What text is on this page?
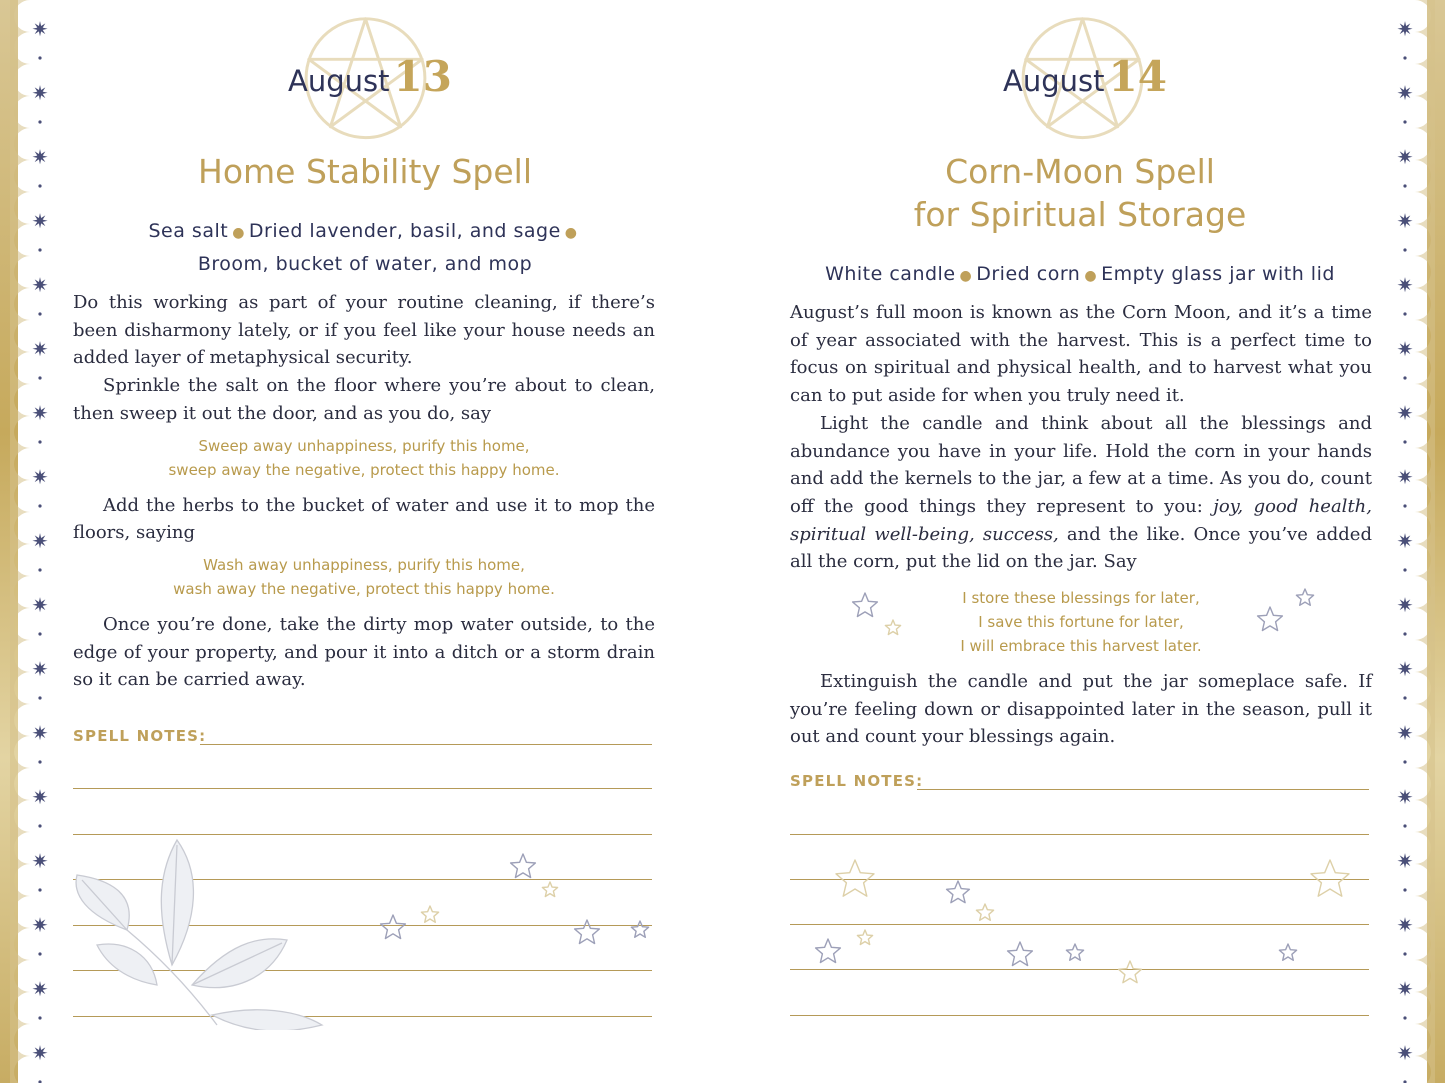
✷
✷
✷
✷
✷
✷
✷
✷
✷
✷
✷
✷
✷
✷
✷
✷
✷
✷
✷
✷
✷
✷
✷
✷
✷
✷
✷
✷
✷
✷
✷
✷
✷
✷
August13
Home Stability Spell
Sea salt ● Dried lavender, basil, and sage ●
Broom, bucket of water, and mop

Do this working as part of your routine cleaning, if there’s been disharmony lately, or if you feel like your house needs an added layer of metaphysical security.

Sprinkle the salt on the floor where you’re about to clean, then sweep it out the door, and as you do, say

Sweep away unhappiness, purify this home,
sweep away the negative, protect this happy home.

Add the herbs to the bucket of water and use it to mop the floors, saying

Wash away unhappiness, purify this home,
wash away the negative, protect this happy home.

Once you’re done, take the dirty mop water outside, to the edge of your property, and pour it into a ditch or a storm drain so it can be carried away.

SPELL NOTES:
August14
Corn-Moon Spell
for Spiritual Storage
White candle ● Dried corn ● Empty glass jar with lid

August’s full moon is known as the Corn Moon, and it’s a time of year associated with the harvest. This is a perfect time to focus on spiritual and physical health, and to harvest what you can to put aside for when you truly need it.

Light the candle and think about all the blessings and abundance you have in your life. Hold the corn in your hands and add the kernels to the jar, a few at a time. As you do, count off the good things they represent to you: joy, good health, spiritual well-being, success, and the like. Once you’ve added all the corn, put the lid on the jar. Say

I store these blessings for later,
I save this fortune for later,
I will embrace this harvest later.

Extinguish the candle and put the jar someplace safe. If you’re feeling down or disappointed later in the season, pull it out and count your blessings again.

SPELL NOTES:
